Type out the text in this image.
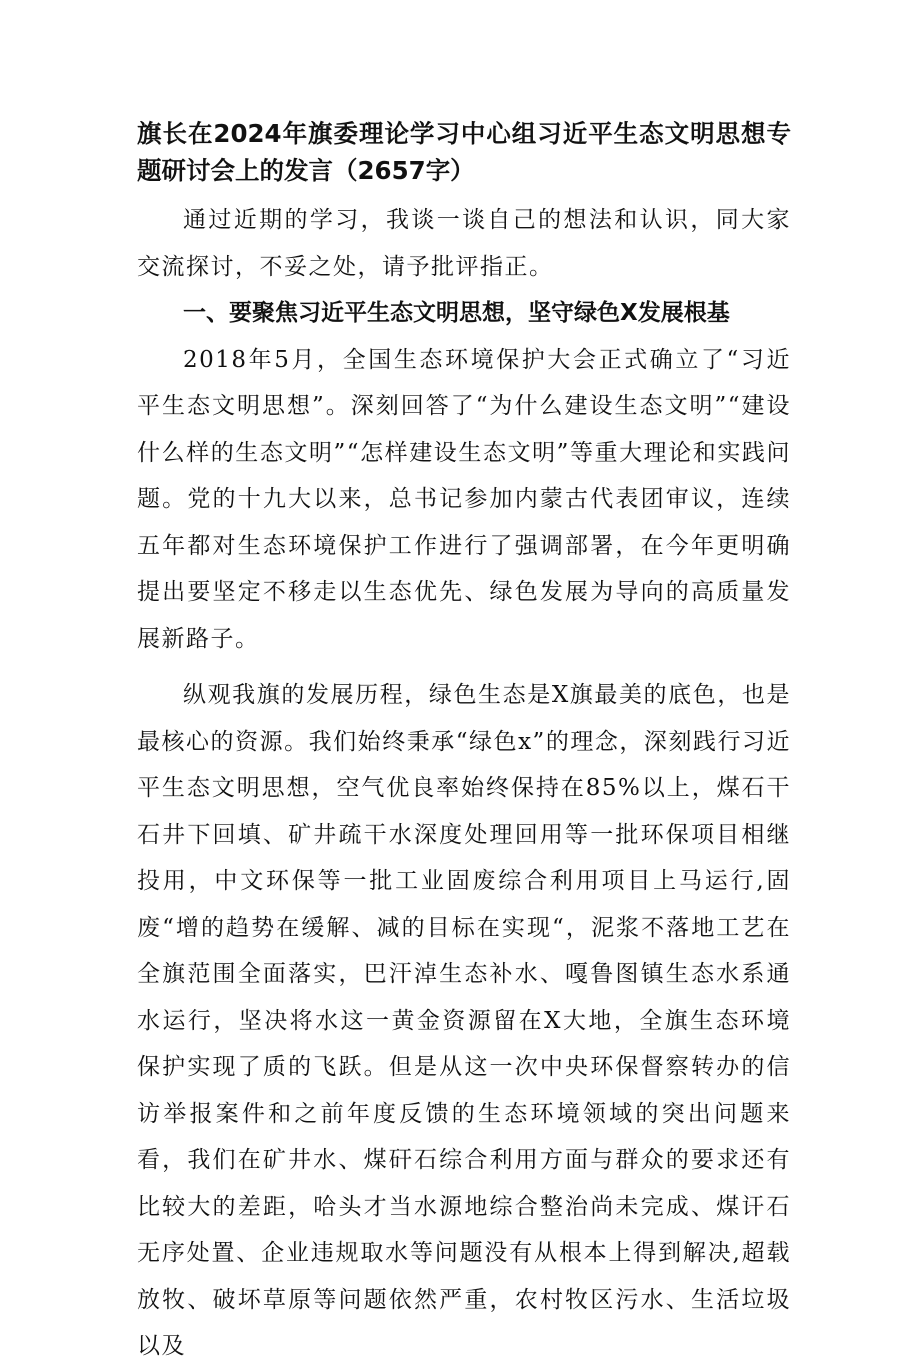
旗长在2024年旗委理论学习中心组习近平生态文明思想专题研讨会上的发言（2657字）

通过近期的学习，我谈一谈自己的想法和认识，同大家交流探讨，不妥之处，请予批评指正。

一、要聚焦习近平生态文明思想，坚守绿色X发展根基

2018年5月，全国生态环境保护大会正式确立了“习近平生态文明思想”。深刻回答了“为什么建设生态文明”“建设什么样的生态文明”“怎样建设生态文明”等重大理论和实践问题。党的十九大以来，总书记参加内蒙古代表团审议，连续五年都对生态环境保护工作进行了强调部署，在今年更明确提出要坚定不移走以生态优先、绿色发展为导向的高质量发展新路子。

纵观我旗的发展历程，绿色生态是X旗最美的底色，也是最核心的资源。我们始终秉承“绿色x”的理念，深刻践行习近平生态文明思想，空气优良率始终保持在85%以上，煤石干石井下回填、矿井疏干水深度处理回用等一批环保项目相继投用，中文环保等一批工业固废综合利用项目上马运行,固废“增的趋势在缓解、减的目标在实现“，泥浆不落地工艺在全旗范围全面落实，巴汗淖生态补水、嘎鲁图镇生态水系通水运行，坚决将水这一黄金资源留在X大地，全旗生态环境保护实现了质的飞跃。但是从这一次中央环保督察转办的信访举报案件和之前年度反馈的生态环境领域的突出问题来看，我们在矿井水、煤矸石综合利用方面与群众的要求还有比较大的差距，哈头才当水源地综合整治尚未完成、煤讦石无序处置、企业违规取水等问题没有从根本上得到解决,超载放牧、破坏草原等问题依然严重，农村牧区污水、生活垃圾以及
